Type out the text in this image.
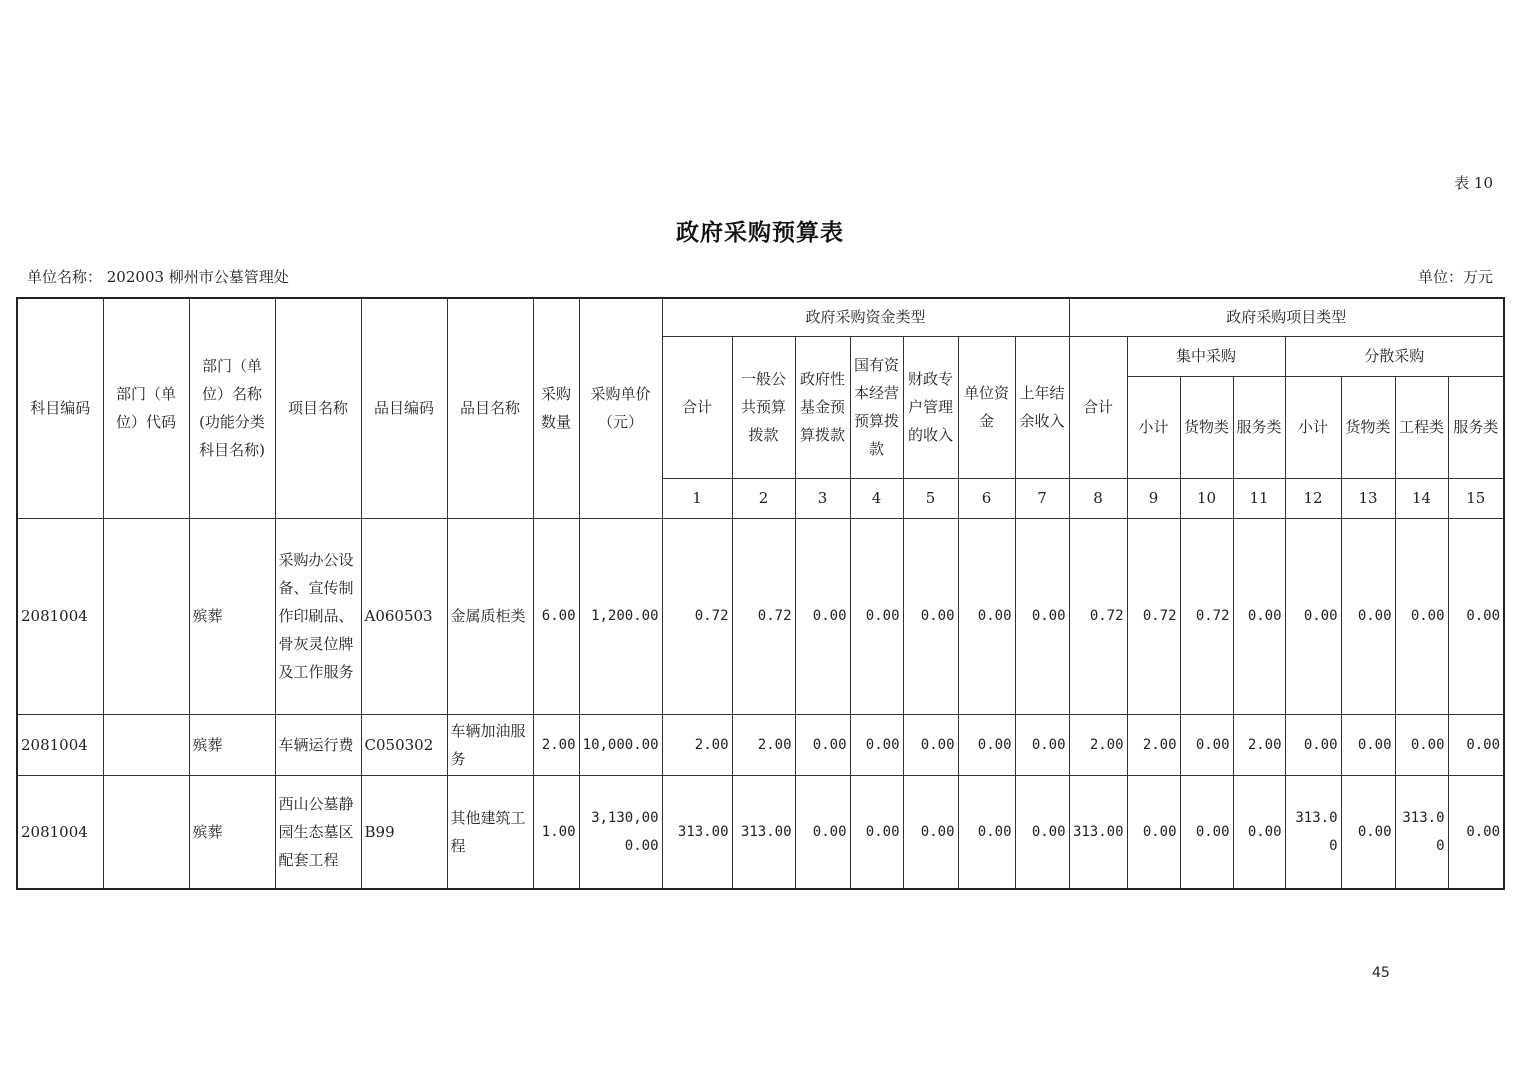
表 10
政府采购预算表
单位名称： 202003 柳州市公墓管理处	单位：万元
科目编码	部门（单位）代码	部门（单位）名称(功能分类科目名称)	项目名称	品目编码	品目名称	采购数量	采购单价（元）	政府采购资金类型							政府采购项目类型							
								合计	一般公共预算拨款	政府性基金预算拨款	国有资本经营预算拨款	财政专户管理的收入	单位资金	上年结余收入	合计	集中采购			分散采购			
																小计	货物类	服务类	小计	货物类	工程类	服务类
								1	2	3	4	5	6	7	8	9	10	11	12	13	14	15
2081004		殡葬	采购办公设备、宣传制作印刷品、骨灰灵位牌及工作服务	A060503	金属质柜类	6.00	1,200.00	0.72	0.72	0.00	0.00	0.00	0.00	0.00	0.72	0.72	0.72	0.00	0.00	0.00	0.00	0.00
2081004		殡葬	车辆运行费	C050302	车辆加油服务	2.00	10,000.00	2.00	2.00	0.00	0.00	0.00	0.00	0.00	2.00	2.00	0.00	2.00	0.00	0.00	0.00	0.00
2081004		殡葬	西山公墓静园生态墓区配套工程	B99	其他建筑工程	1.00	3,130,000.00	313.00	313.00	0.00	0.00	0.00	0.00	0.00	313.00	0.00	0.00	0.00	313.00	0.00	313.00	0.00
45
